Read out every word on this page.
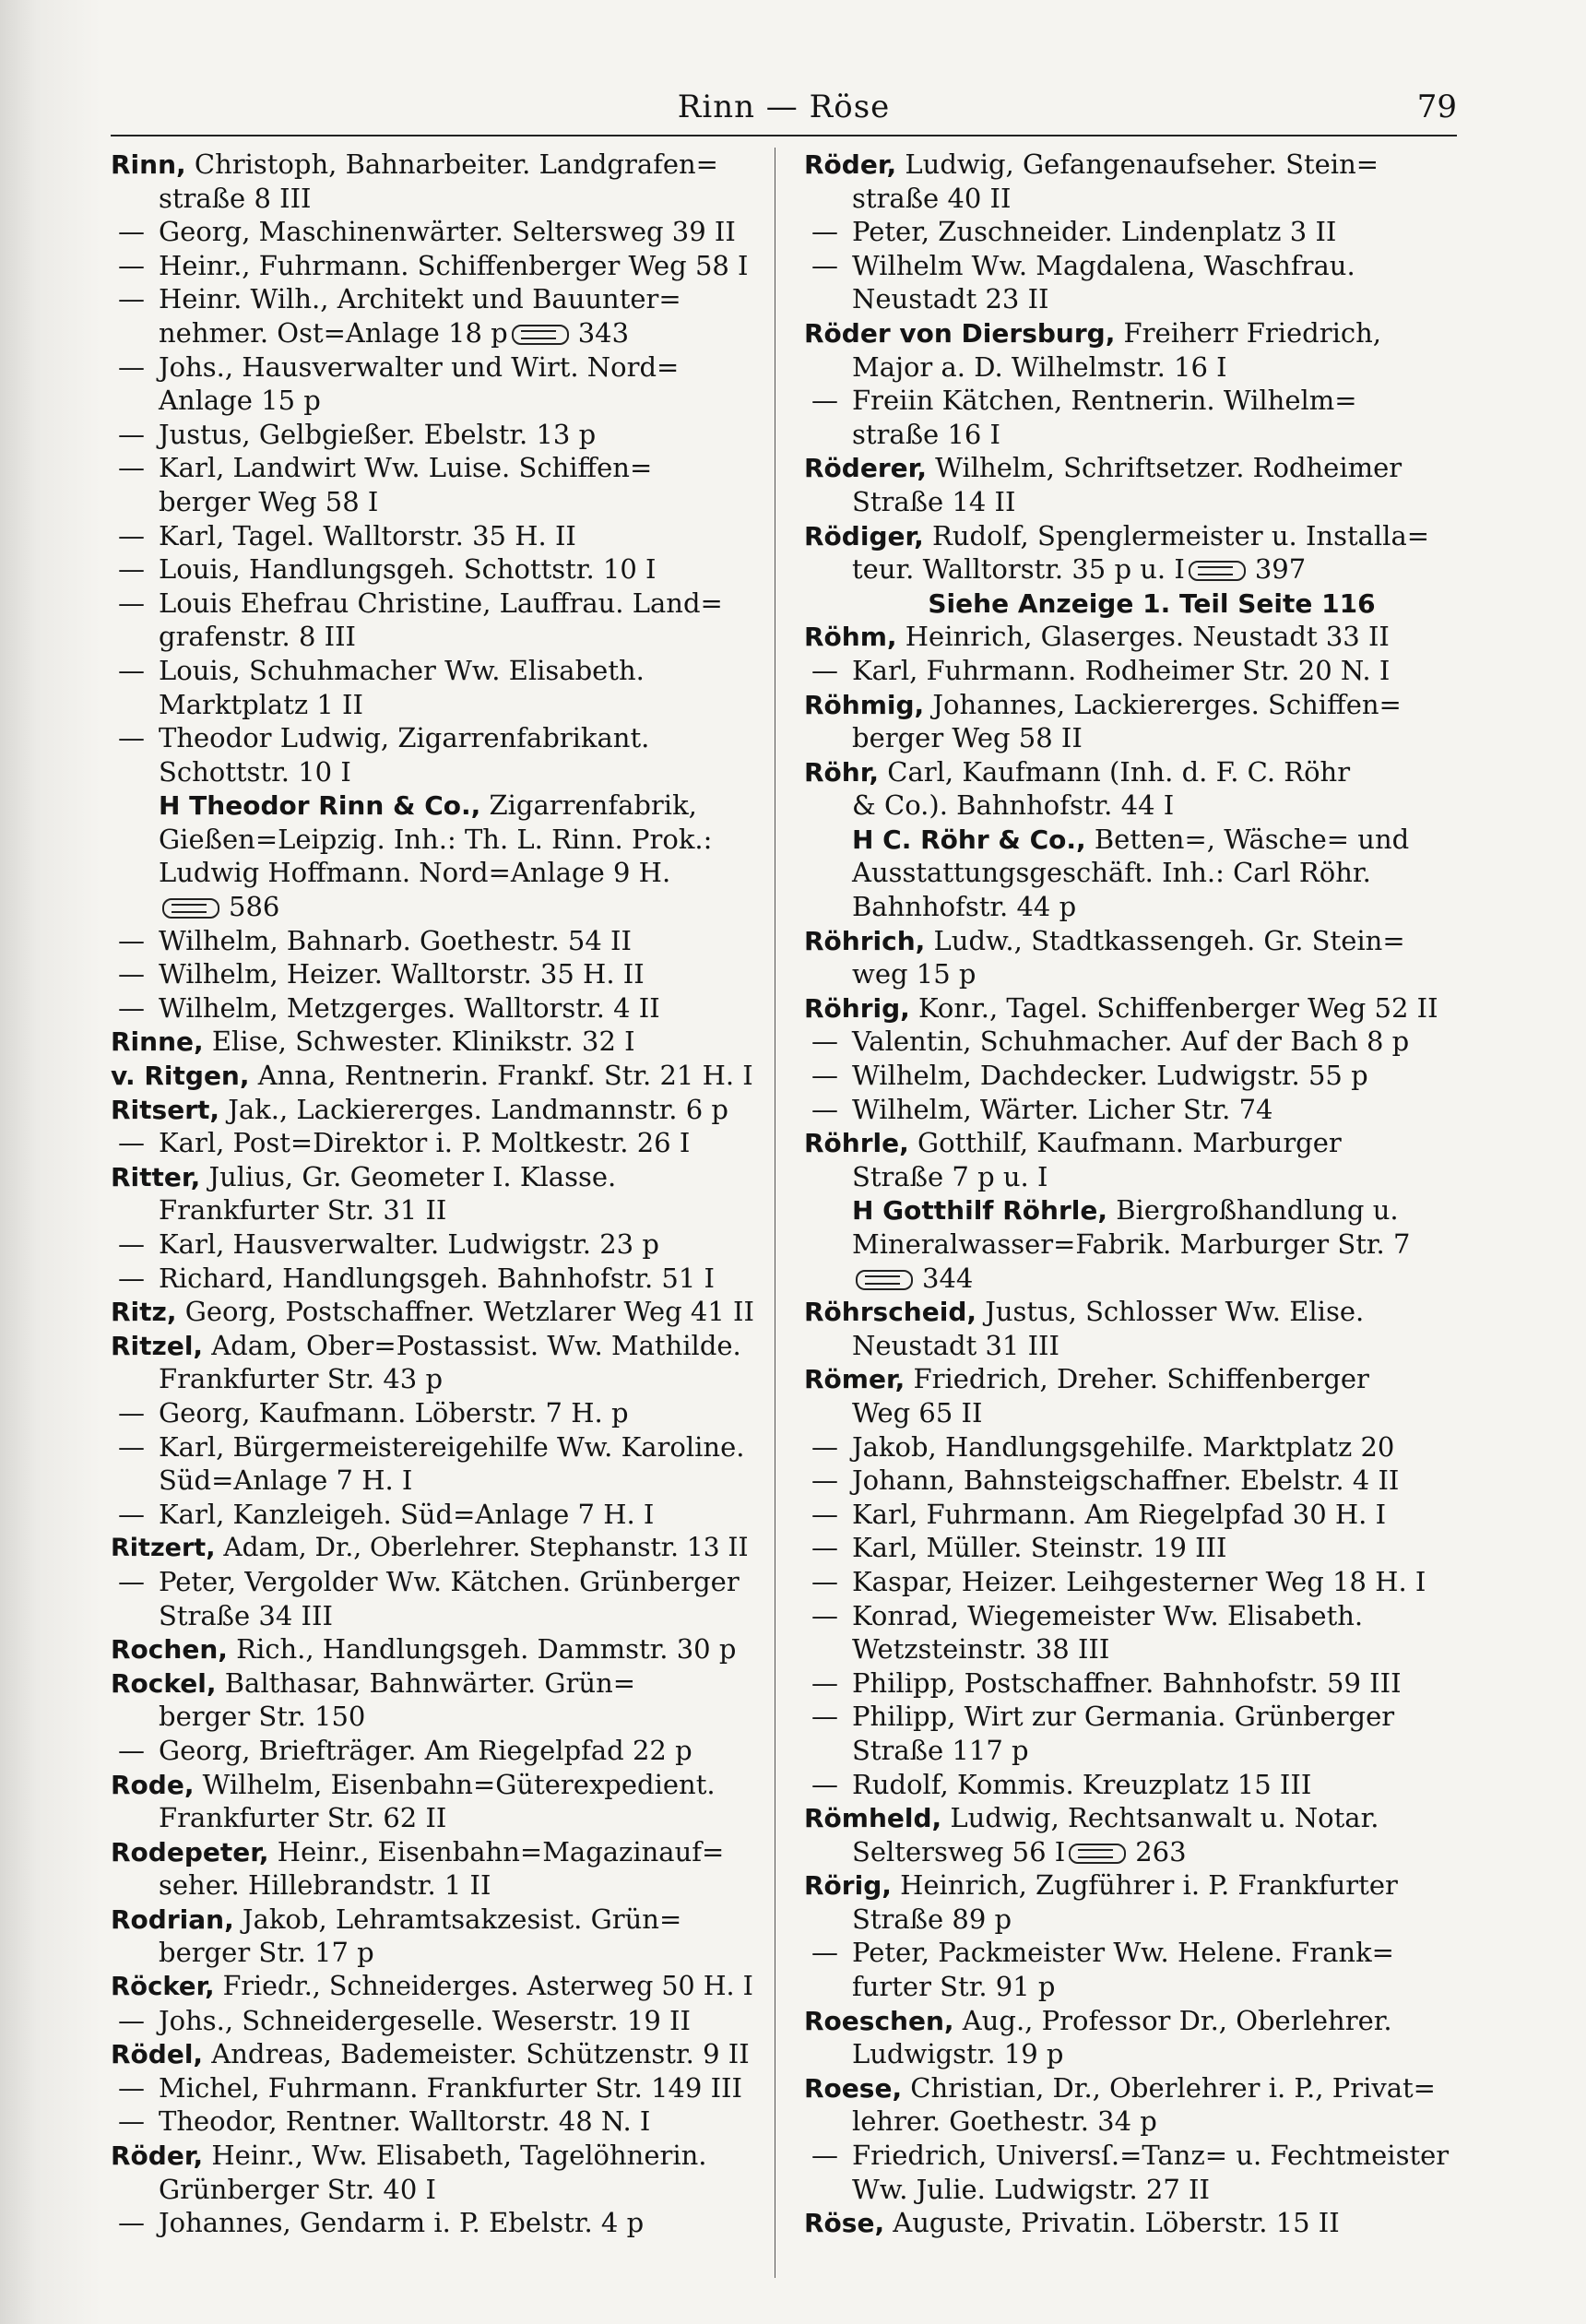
Rinn — Röse	79
Rinn, Christoph, Bahnarbeiter. Landgrafen=
straße 8 III
— Georg, Maschinenwärter. Seltersweg 39 II
— Heinr., Fuhrmann. Schiffenberger Weg 58 I
— Heinr. Wilh., Architekt und Bauunter=
nehmer. Ost=Anlage 18 p	343
— Johs., Hausverwalter und Wirt. Nord=
Anlage 15 p
— Justus, Gelbgießer. Ebelstr. 13 p
— Karl, Landwirt Ww. Luise. Schiffen=
berger Weg 58 I
— Karl, Tagel. Walltorstr. 35 H. II
— Louis, Handlungsgeh. Schottstr. 10 I
— Louis Ehefrau Christine, Lauffrau. Land=
grafenstr. 8 III
— Louis, Schuhmacher Ww. Elisabeth.
Marktplatz 1 II
— Theodor Ludwig, Zigarrenfabrikant.
Schottstr. 10 I
H Theodor Rinn & Co., Zigarrenfabrik,
Gießen=Leipzig. Inh.: Th. L. Rinn. Prok.:
Ludwig Hoffmann. Nord=Anlage 9 H.
586
— Wilhelm, Bahnarb. Goethestr. 54 II
— Wilhelm, Heizer. Walltorstr. 35 H. II
— Wilhelm, Metzgerges. Walltorstr. 4 II
Rinne, Elise, Schwester. Klinikstr. 32 I
v. Ritgen, Anna, Rentnerin. Frankf. Str. 21 H. I
Ritsert, Jak., Lackiererges. Landmannstr. 6 p
— Karl, Post=Direktor i. P. Moltkestr. 26 I
Ritter, Julius, Gr. Geometer I. Klasse.
Frankfurter Str. 31 II
— Karl, Hausverwalter. Ludwigstr. 23 p
— Richard, Handlungsgeh. Bahnhofstr. 51 I
Ritz, Georg, Postschaffner. Wetzlarer Weg 41 II
Ritzel, Adam, Ober=Postassist. Ww. Mathilde.
Frankfurter Str. 43 p
— Georg, Kaufmann. Löberstr. 7 H. p
— Karl, Bürgermeistereigehilfe Ww. Karoline.
Süd=Anlage 7 H. I
— Karl, Kanzleigeh. Süd=Anlage 7 H. I
Ritzert, Adam, Dr., Oberlehrer. Stephanstr. 13 II
— Peter, Vergolder Ww. Kätchen. Grünberger
Straße 34 III
Rochen, Rich., Handlungsgeh. Dammstr. 30 p
Rockel, Balthasar, Bahnwärter. Grün=
berger Str. 150
— Georg, Briefträger. Am Riegelpfad 22 p
Rode, Wilhelm, Eisenbahn=Güterexpedient.
Frankfurter Str. 62 II
Rodepeter, Heinr., Eisenbahn=Magazinauf=
seher. Hillebrandstr. 1 II
Rodrian, Jakob, Lehramtsakzesist. Grün=
berger Str. 17 p
Röcker, Friedr., Schneiderges. Asterweg 50 H. I
— Johs., Schneidergeselle. Weserstr. 19 II
Rödel, Andreas, Bademeister. Schützenstr. 9 II
— Michel, Fuhrmann. Frankfurter Str. 149 III
— Theodor, Rentner. Walltorstr. 48 N. I
Röder, Heinr., Ww. Elisabeth, Tagelöhnerin.
Grünberger Str. 40 I
— Johannes, Gendarm i. P. Ebelstr. 4 p
Röder, Ludwig, Gefangenaufseher. Stein=
straße 40 II
— Peter, Zuschneider. Lindenplatz 3 II
— Wilhelm Ww. Magdalena, Waschfrau.
Neustadt 23 II
Röder von Diersburg, Freiherr Friedrich,
Major a. D. Wilhelmstr. 16 I
— Freiin Kätchen, Rentnerin. Wilhelm=
straße 16 I
Röderer, Wilhelm, Schriftsetzer. Rodheimer
Straße 14 II
Rödiger, Rudolf, Spenglermeister u. Installa=
teur. Walltorstr. 35 p u. I	397
Siehe Anzeige 1. Teil Seite 116
Röhm, Heinrich, Glaserges. Neustadt 33 II
— Karl, Fuhrmann. Rodheimer Str. 20 N. I
Röhmig, Johannes, Lackiererges. Schiffen=
berger Weg 58 II
Röhr, Carl, Kaufmann (Inh. d. F. C. Röhr
& Co.). Bahnhofstr. 44 I
H C. Röhr & Co., Betten=, Wäsche= und
Ausstattungsgeschäft. Inh.: Carl Röhr.
Bahnhofstr. 44 p
Röhrich, Ludw., Stadtkassengeh. Gr. Stein=
weg 15 p
Röhrig, Konr., Tagel. Schiffenberger Weg 52 II
— Valentin, Schuhmacher. Auf der Bach 8 p
— Wilhelm, Dachdecker. Ludwigstr. 55 p
— Wilhelm, Wärter. Licher Str. 74
Röhrle, Gotthilf, Kaufmann. Marburger
Straße 7 p u. I
H Gotthilf Röhrle, Biergroßhandlung u.
Mineralwasser=Fabrik. Marburger Str. 7
344
Röhrscheid, Justus, Schlosser Ww. Elise.
Neustadt 31 III
Römer, Friedrich, Dreher. Schiffenberger
Weg 65 II
— Jakob, Handlungsgehilfe. Marktplatz 20
— Johann, Bahnsteigschaffner. Ebelstr. 4 II
— Karl, Fuhrmann. Am Riegelpfad 30 H. I
— Karl, Müller. Steinstr. 19 III
— Kaspar, Heizer. Leihgesterner Weg 18 H. I
— Konrad, Wiegemeister Ww. Elisabeth.
Wetzsteinstr. 38 III
— Philipp, Postschaffner. Bahnhofstr. 59 III
— Philipp, Wirt zur Germania. Grünberger
Straße 117 p
— Rudolf, Kommis. Kreuzplatz 15 III
Römheld, Ludwig, Rechtsanwalt u. Notar.
Seltersweg 56 I	263
Rörig, Heinrich, Zugführer i. P. Frankfurter
Straße 89 p
— Peter, Packmeister Ww. Helene. Frank=
furter Str. 91 p
Roeschen, Aug., Professor Dr., Oberlehrer.
Ludwigstr. 19 p
Roese, Christian, Dr., Oberlehrer i. P., Privat=
lehrer. Goethestr. 34 p
— Friedrich, Universſ.=Tanz= u. Fechtmeister
Ww. Julie. Ludwigstr. 27 II
Röse, Auguste, Privatin. Löberstr. 15 II
